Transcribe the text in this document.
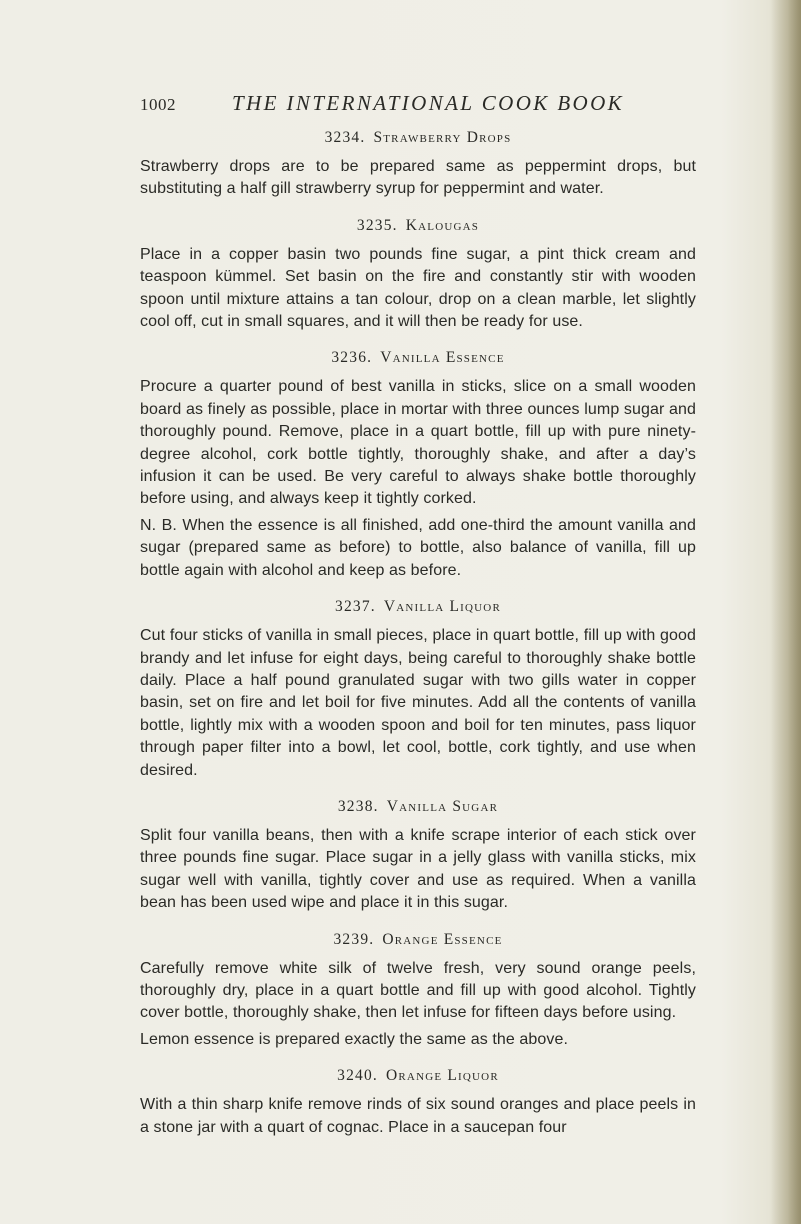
1002	THE INTERNATIONAL COOK BOOK
3234. Strawberry Drops

Strawberry drops are to be prepared same as peppermint drops, but substituting a half gill strawberry syrup for peppermint and water.

3235. Kalougas

Place in a copper basin two pounds fine sugar, a pint thick cream and teaspoon kümmel. Set basin on the fire and constantly stir with wooden spoon until mixture attains a tan colour, drop on a clean marble, let slightly cool off, cut in small squares, and it will then be ready for use.

3236. Vanilla Essence

Procure a quarter pound of best vanilla in sticks, slice on a small wooden board as finely as possible, place in mortar with three ounces lump sugar and thoroughly pound. Remove, place in a quart bottle, fill up with pure ninety-degree alcohol, cork bottle tightly, thoroughly shake, and after a day’s infusion it can be used. Be very careful to always shake bottle thoroughly before using, and always keep it tightly corked.

N. B. When the essence is all finished, add one-third the amount vanilla and sugar (prepared same as before) to bottle, also balance of vanilla, fill up bottle again with alcohol and keep as before.

3237. Vanilla Liquor

Cut four sticks of vanilla in small pieces, place in quart bottle, fill up with good brandy and let infuse for eight days, being careful to thoroughly shake bottle daily. Place a half pound granulated sugar with two gills water in copper basin, set on fire and let boil for five minutes. Add all the contents of vanilla bottle, lightly mix with a wooden spoon and boil for ten minutes, pass liquor through paper filter into a bowl, let cool, bottle, cork tightly, and use when desired.

3238. Vanilla Sugar

Split four vanilla beans, then with a knife scrape interior of each stick over three pounds fine sugar. Place sugar in a jelly glass with vanilla sticks, mix sugar well with vanilla, tightly cover and use as required. When a vanilla bean has been used wipe and place it in this sugar.

3239. Orange Essence

Carefully remove white silk of twelve fresh, very sound orange peels, thoroughly dry, place in a quart bottle and fill up with good alcohol. Tightly cover bottle, thoroughly shake, then let infuse for fifteen days before using.

Lemon essence is prepared exactly the same as the above.

3240. Orange Liquor

With a thin sharp knife remove rinds of six sound oranges and place peels in a stone jar with a quart of cognac. Place in a saucepan four
